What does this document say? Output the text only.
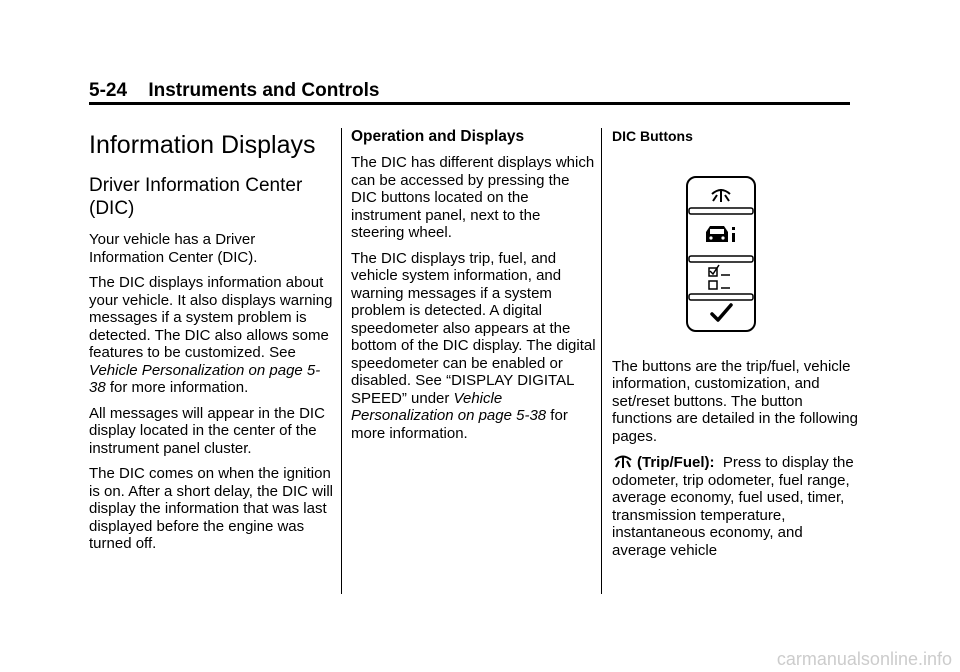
5-24 Instruments and Controls
Information Displays
Driver Information Center (DIC)

Your vehicle has a Driver Information Center (DIC).

The DIC displays information about your vehicle. It also displays warning messages if a system problem is detected. The DIC also allows some features to be customized. See Vehicle Personalization on page 5-38 for more information.

All messages will appear in the DIC display located in the center of the instrument panel cluster.

The DIC comes on when the ignition is on. After a short delay, the DIC will display the information that was last displayed before the engine was turned off.

Operation and Displays

The DIC has different displays which can be accessed by pressing the DIC buttons located on the instrument panel, next to the steering wheel.

The DIC displays trip, fuel, and vehicle system information, and warning messages if a system problem is detected. A digital speedometer also appears at the bottom of the DIC display. The digital speedometer can be enabled or disabled. See “DISPLAY DIGITAL SPEED” under Vehicle Personalization on page 5-38 for more information.

DIC Buttons

The buttons are the trip/fuel, vehicle information, customization, and set/reset buttons. The button functions are detailed in the following pages.

(Trip/Fuel): Press to display the odometer, trip odometer, fuel range, average economy, fuel used, timer, transmission temperature, instantaneous economy, and average vehicle

carmanualsonline.info
